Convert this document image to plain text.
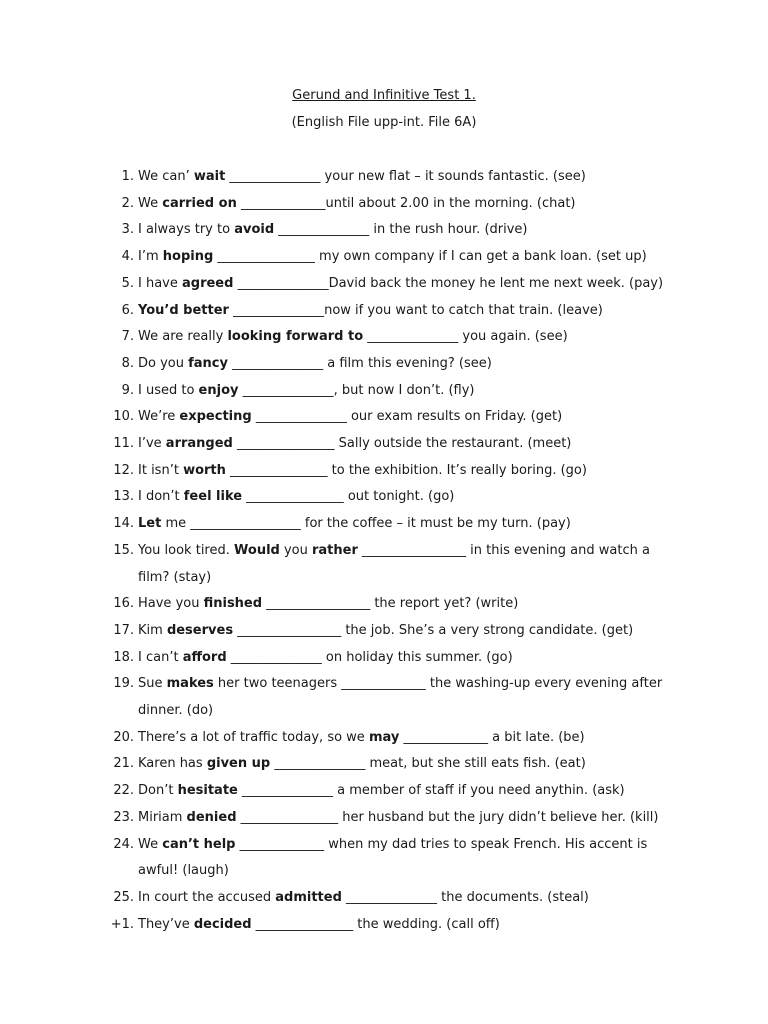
Gerund and Infinitive Test 1.
(English File upp-int. File 6A)
1. We can’ wait ______________ your new flat – it sounds fantastic. (see)
2. We carried on _____________until about 2.00 in the morning. (chat)
3. I always try to avoid ______________ in the rush hour. (drive)
4. I’m hoping _______________ my own company if I can get a bank loan. (set up)
5. I have agreed ______________David back the money he lent me next week. (pay)
6. You’d better ______________now if you want to catch that train. (leave)
7. We are really looking forward to ______________ you again. (see)
8. Do you fancy ______________ a film this evening? (see)
9. I used to enjoy ______________, but now I don’t. (fly)
10. We’re expecting ______________ our exam results on Friday. (get)
11. I’ve arranged _______________ Sally outside the restaurant. (meet)
12. It isn’t worth _______________ to the exhibition. It’s really boring. (go)
13. I don’t feel like _______________ out tonight. (go)
14. Let me _________________ for the coffee – it must be my turn. (pay)
15. You look tired. Would you rather ________________ in this evening and watch a film? (stay)
16. Have you finished ________________ the report yet? (write)
17. Kim deserves ________________ the job. She’s a very strong candidate. (get)
18. I can’t afford ______________ on holiday this summer. (go)
19. Sue makes her two teenagers _____________ the washing-up every evening after dinner. (do)
20. There’s a lot of traffic today, so we may _____________ a bit late. (be)
21. Karen has given up ______________ meat, but she still eats fish. (eat)
22. Don’t hesitate ______________ a member of staff if you need anythin. (ask)
23. Miriam denied _______________ her husband but the jury didn’t believe her. (kill)
24. We can’t help _____________ when my dad tries to speak French. His accent is awful! (laugh)
25. In court the accused admitted ______________ the documents. (steal)
+1. They’ve decided _______________ the wedding. (call off)
